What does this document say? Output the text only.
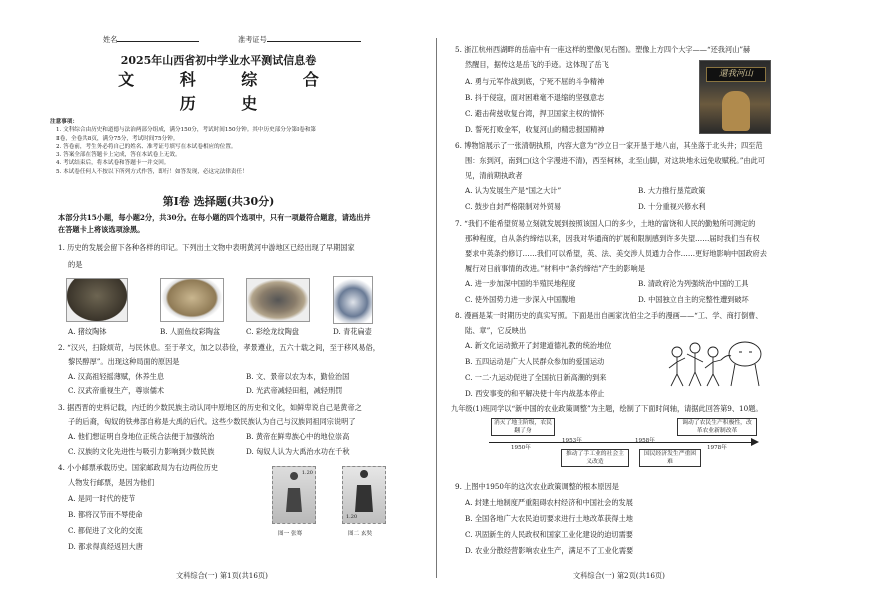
姓名	准考证号
2025年山西省初中学业水平测试信息卷
文 科 综 合
历 史
注意事项：
1. 文科综合由历史和道德与法治两部分组成，满分150分，考试时间150分钟。其中历史部分分第Ⅰ卷和第
Ⅱ卷，全卷共8页，满分75分，考试时间75分钟。
2. 答卷前，考生务必将自己的姓名、准考证号填写在本试卷相应的位置。
3. 答案全部在答题卡上完成，答在本试卷上无效。
4. 考试结束后，将本试卷和答题卡一并交回。
5. 本试卷任何人不按以下所列方式作答，即行！如答发现，必这完法律责任！
第Ⅰ卷 选择题(共30分)
本部分共15小题，每小题2分，共30分。在每小题的四个选项中，只有一项最符合题意，请选出并
在答题卡上将该选项涂黑。
1. 历史的发展会留下各种各样的印记。下列出土文物中表明黄河中游地区已经出现了早期国家
的是
A. 猪纹陶钵	B. 人面鱼纹彩陶盆	C. 彩绘龙纹陶盘	D. 青花扁壶
2. “汉兴，扫除烦苛，与民休息。至于孝文，加之以恭俭，孝景遵业，五六十载之间，至于移风易俗，
黎民醇厚”。出现这种局面的原因是
A. 汉高祖轻摇薄赋，休养生息	B. 文、景帝以农为本，勤俭治国
C. 汉武帝重视生产，尊崇儒术	D. 光武帝减轻田租，减轻刑罚
3. 据西晋的史料记载，内迁的少数民族主动认同中原地区的历史和文化，如鲜卑说自己是黄帝之
子的后裔，匈奴的铁弗部自称是大禹的后代。这些少数民族认为自己与汉族同祖同宗说明了
A. 他们想证明自身地位正统合法便于加强统治	B. 黄帝在鲜卑族心中的地位崇高
C. 汉族的文化先进性与吸引力影响到少数民族	D. 匈奴人认为大禹治水功在千秋
4. 小小邮票承载历史。国家邮政局为右边两位历史
人物发行邮票，是因为他们
A. 是同一时代的使节
B. 都将汉节而不辱使命
C. 都促进了文化的交流
D. 都求得真经返回大唐
1.20
1.20
图一 张骞	图二 玄奘
文科综合(一) 第1页(共16页)
5. 浙江杭州西湖畔的岳庙中有一座这样的塑像(见右图)。塑像上方四个大字——“还我河山”赫
然醒目，据传这是岳飞的手迹。这体现了岳飞
A. 勇与元军作战到底，宁死不屈的斗争精神
B. 抖于侵寇，面对困难毫不退缩的坚强意志
C. 避击荷兹收复台湾，捍卫国家主权的情怀
D. 誓死打败金军，收复河山的精忠报国精神
還我河山
6. 博物馆展示了一张清朝执照，内容大意为“沙立日一家开垦于地八亩，其坐落于北头井；四至范
围：东到河，南到□(这个字漫进不清)，西至柯林，北至山脚，对这块地永远免收赋税。”由此可
见，清前期执政者
A. 认为发展生产是“国之大计”	B. 大力推行垦荒政策
C. 鼓步自封严格限制对外贸易	D. 十分重视兴修水利
7. “我们不能希望贸易立刻就发展到按照该国人口的多少，土地的富饶和人民的勤勉所可测定的
那种程度，自从条约缔结以来，因我对华通商的扩展和限制感到许多失望……届时我们当有权
要求中英条约修订……我们可以希望，英、法、美交涉人员通力合作……更好地影响中国政府去
履行对日前事情的改进。”材料中“条约缔结”产生的影响是
A. 进一步加深中国的半殖民地程度	B. 清政府沦为列强统治中国的工具
C. 使外国势力进一步深入中国腹地	D. 中国独立自主的完整性遭到破坏
8. 漫画是某一时期历史的真实写照。下面是出自画家沈伯尘之手的漫画——“工、学、商打倒曹、
陆、章”，它反映出
A. 新文化运动掀开了封建道德礼教的统治地位
B. 五四运动是广大人民群众参加的爱国运动
C. 一二·九运动促进了全国抗日新高潮的到来
D. 西安事变的和平解决使十年内战基本停止
九年级(1)班同学以“新中国的农业政策调整”为主题，绘制了下面时间轴，请据此回答第9、10题。
消灭了地主阶级，农民翻了身
调动了农民生产积极性，改革农业新制改革
推动了手工业的社会主义改造
国民经济发生严重困难
1950年
1953年	1958年
1978年
9. 上图中1950年的这次农业政策调整的根本原因是
A. 封建土地制度严重阻碍农村经济和中国社会的发展
B. 全国各地广大农民迫切要求进行土地改革获得土地
C. 巩固新生的人民政权和国家工业化建设的迫切需要
D. 农业分散经营影响农业生产，满足不了工业化需要
文科综合(一) 第2页(共16页)
